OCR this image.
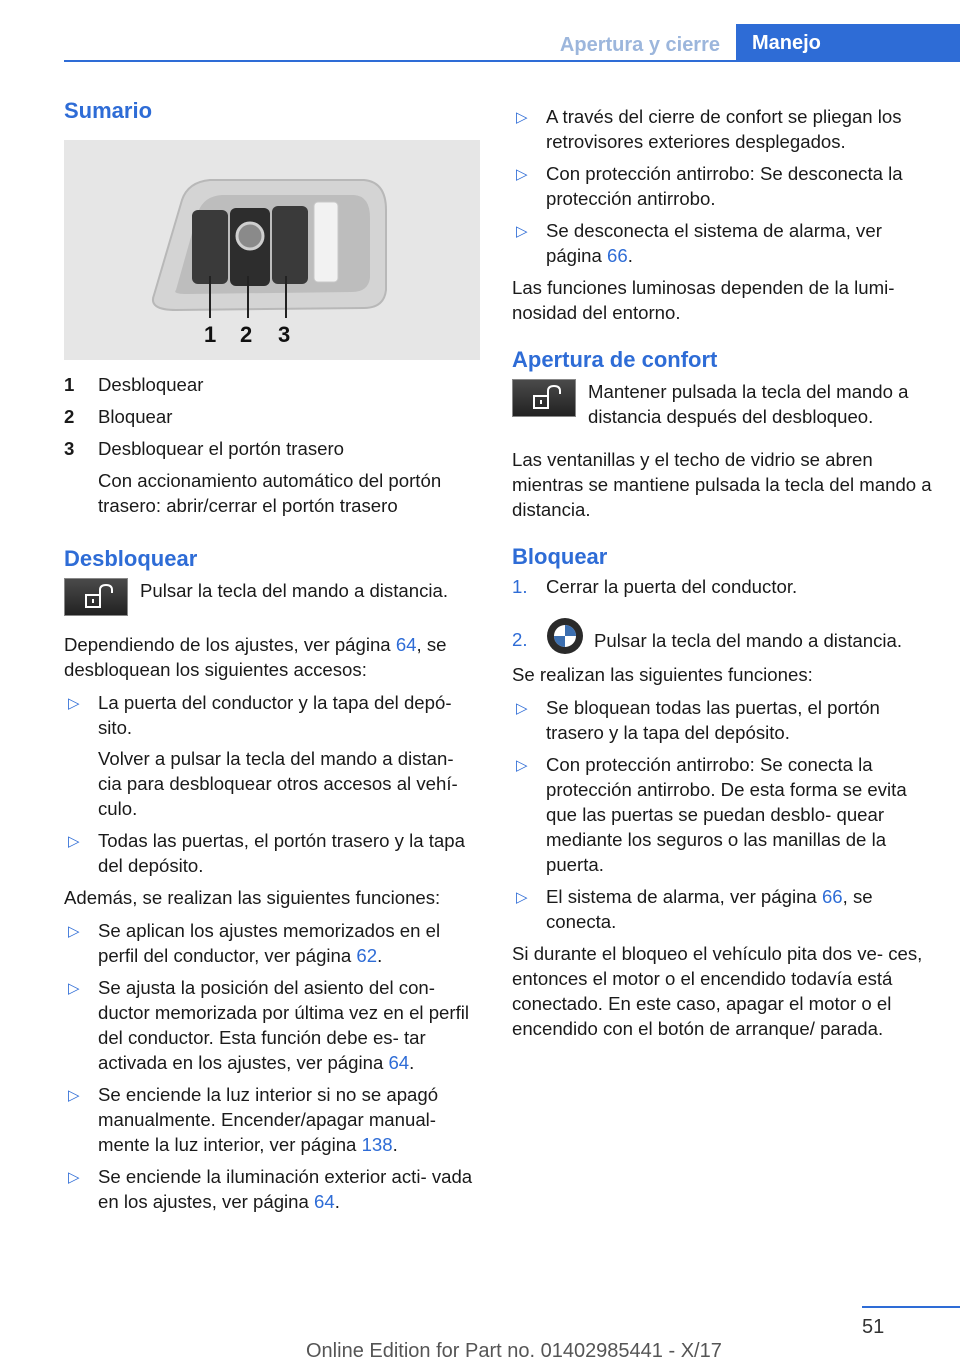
Apertura y cierre	Manejo
Sumario
1 2 3
1	Desbloquear
2	Bloquear
3	Desbloquear el portón trasero

Con accionamiento automático del portón trasero: abrir/cerrar el portón trasero

Desbloquear
Pulsar la tecla del mando a distancia.

Dependiendo de los ajustes, ver página 64, se desbloquean los siguientes accesos:

▷ La puerta del conductor y la tapa del depó‐ sito.

Volver a pulsar la tecla del mando a distan‐ cia para desbloquear otros accesos al vehí‐ culo.

▷ Todas las puertas, el portón trasero y la tapa del depósito.

Además, se realizan las siguientes funciones:

▷ Se aplican los ajustes memorizados en el perfil del conductor, ver página 62.
▷ Se ajusta la posición del asiento del con‐ ductor memorizada por última vez en el perfil del conductor. Esta función debe es‐ tar activada en los ajustes, ver página 64.
▷ Se enciende la luz interior si no se apagó manualmente. Encender/apagar manual‐ mente la luz interior, ver página 138.
▷ Se enciende la iluminación exterior acti‐ vada en los ajustes, ver página 64.
▷ A través del cierre de confort se pliegan los retrovisores exteriores desplegados.
▷ Con protección antirrobo: Se desconecta la protección antirrobo.
▷ Se desconecta el sistema de alarma, ver página 66.

Las funciones luminosas dependen de la lumi‐ nosidad del entorno.

Apertura de confort
Mantener pulsada la tecla del mando a distancia después del desbloqueo.

Las ventanillas y el techo de vidrio se abren mientras se mantiene pulsada la tecla del mando a distancia.

Bloquear
1. Cerrar la puerta del conductor.
2.	Pulsar la tecla del mando a distancia.

Se realizan las siguientes funciones:

▷ Se bloquean todas las puertas, el portón trasero y la tapa del depósito.
▷ Con protección antirrobo: Se conecta la protección antirrobo. De esta forma se evita que las puertas se puedan desblo‐ quear mediante los seguros o las manillas de la puerta.
▷ El sistema de alarma, ver página 66, se conecta.

Si durante el bloqueo el vehículo pita dos ve‐ ces, entonces el motor o el encendido todavía está conectado. En este caso, apagar el motor o el encendido con el botón de arranque/ parada.

51
Online Edition for Part no. 01402985441 - X/17
